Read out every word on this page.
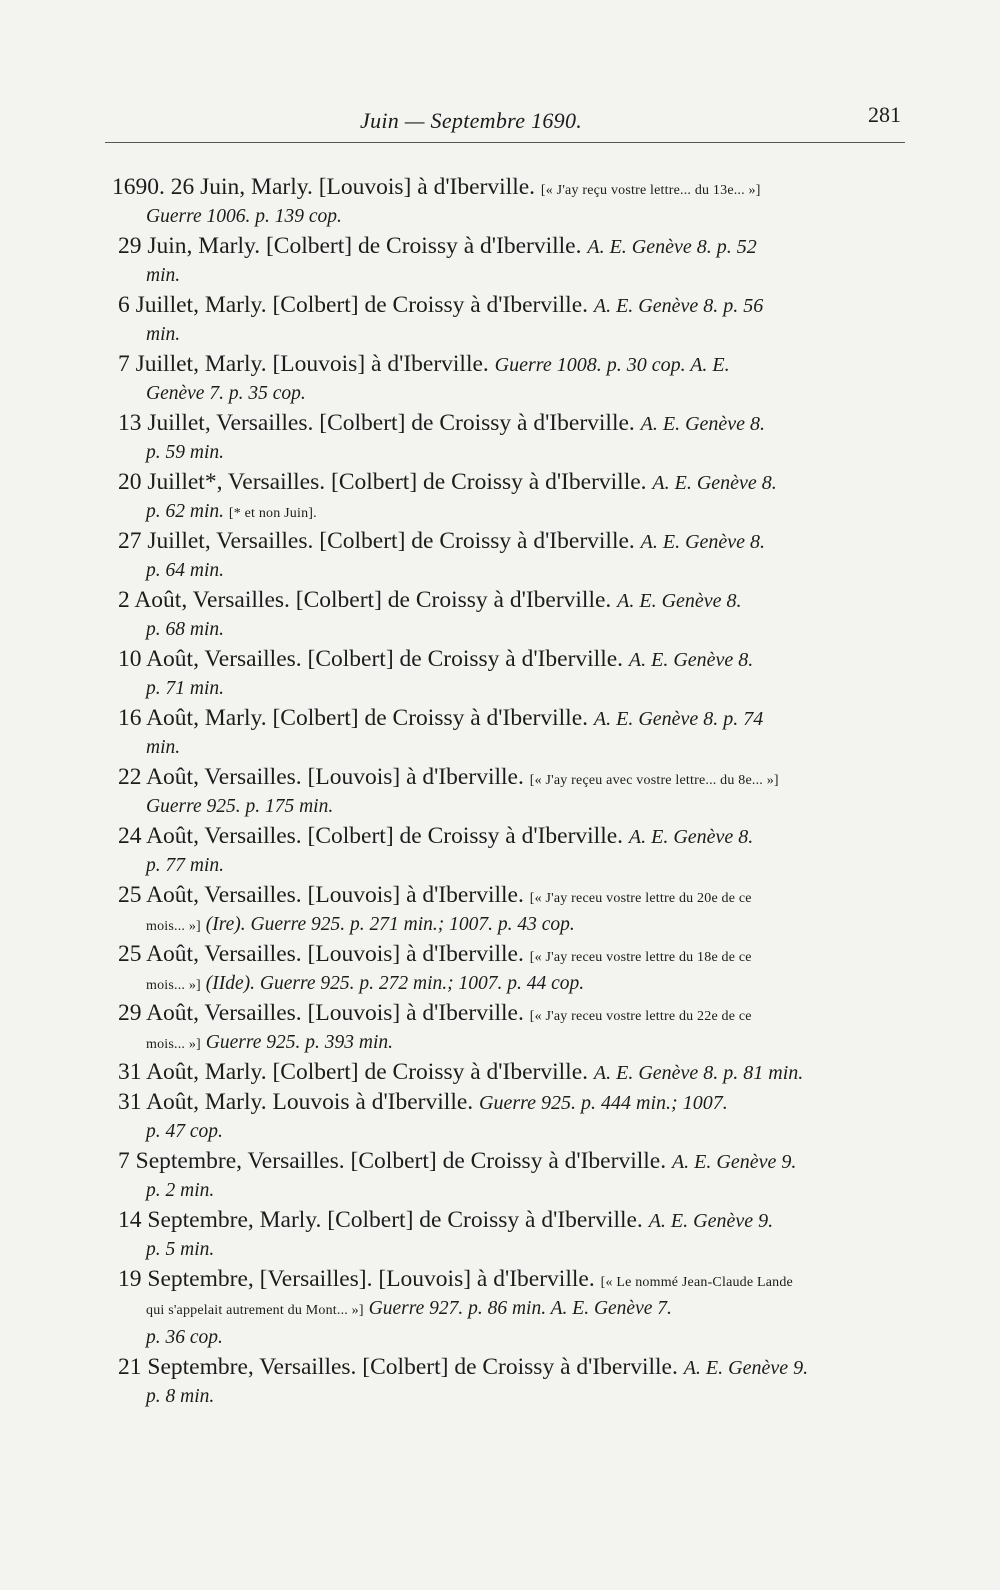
Juin — Septembre 1690.	281
1690. 26 Juin, Marly. [Louvois] à d'Iberville. [« J'ay reçu vostre lettre... du 13e... »]
Guerre 1006. p. 139 cop.
29 Juin, Marly. [Colbert] de Croissy à d'Iberville. A. E. Genève 8. p. 52
min.
6 Juillet, Marly. [Colbert] de Croissy à d'Iberville. A. E. Genève 8. p. 56
min.
7 Juillet, Marly. [Louvois] à d'Iberville. Guerre 1008. p. 30 cop. A. E.
Genève 7. p. 35 cop.
13 Juillet, Versailles. [Colbert] de Croissy à d'Iberville. A. E. Genève 8.
p. 59 min.
20 Juillet*, Versailles. [Colbert] de Croissy à d'Iberville. A. E. Genève 8.
p. 62 min. [* et non Juin].
27 Juillet, Versailles. [Colbert] de Croissy à d'Iberville. A. E. Genève 8.
p. 64 min.
2 Août, Versailles. [Colbert] de Croissy à d'Iberville. A. E. Genève 8.
p. 68 min.
10 Août, Versailles. [Colbert] de Croissy à d'Iberville. A. E. Genève 8.
p. 71 min.
16 Août, Marly. [Colbert] de Croissy à d'Iberville. A. E. Genève 8. p. 74
min.
22 Août, Versailles. [Louvois] à d'Iberville. [« J'ay reçeu avec vostre lettre... du 8e... »]
Guerre 925. p. 175 min.
24 Août, Versailles. [Colbert] de Croissy à d'Iberville. A. E. Genève 8.
p. 77 min.
25 Août, Versailles. [Louvois] à d'Iberville. [« J'ay receu vostre lettre du 20e de ce
mois... »] (Ire). Guerre 925. p. 271 min.; 1007. p. 43 cop.
25 Août, Versailles. [Louvois] à d'Iberville. [« J'ay receu vostre lettre du 18e de ce
mois... »] (IIde). Guerre 925. p. 272 min.; 1007. p. 44 cop.
29 Août, Versailles. [Louvois] à d'Iberville. [« J'ay receu vostre lettre du 22e de ce
mois... »] Guerre 925. p. 393 min.
31 Août, Marly. [Colbert] de Croissy à d'Iberville. A. E. Genève 8. p. 81 min.
31 Août, Marly. Louvois à d'Iberville. Guerre 925. p. 444 min.; 1007.
p. 47 cop.
7 Septembre, Versailles. [Colbert] de Croissy à d'Iberville. A. E. Genève 9.
p. 2 min.
14 Septembre, Marly. [Colbert] de Croissy à d'Iberville. A. E. Genève 9.
p. 5 min.
19 Septembre, [Versailles]. [Louvois] à d'Iberville. [« Le nommé Jean-Claude Lande
qui s'appelait autrement du Mont... »] Guerre 927. p. 86 min. A. E. Genève 7.
p. 36 cop.
21 Septembre, Versailles. [Colbert] de Croissy à d'Iberville. A. E. Genève 9.
p. 8 min.
